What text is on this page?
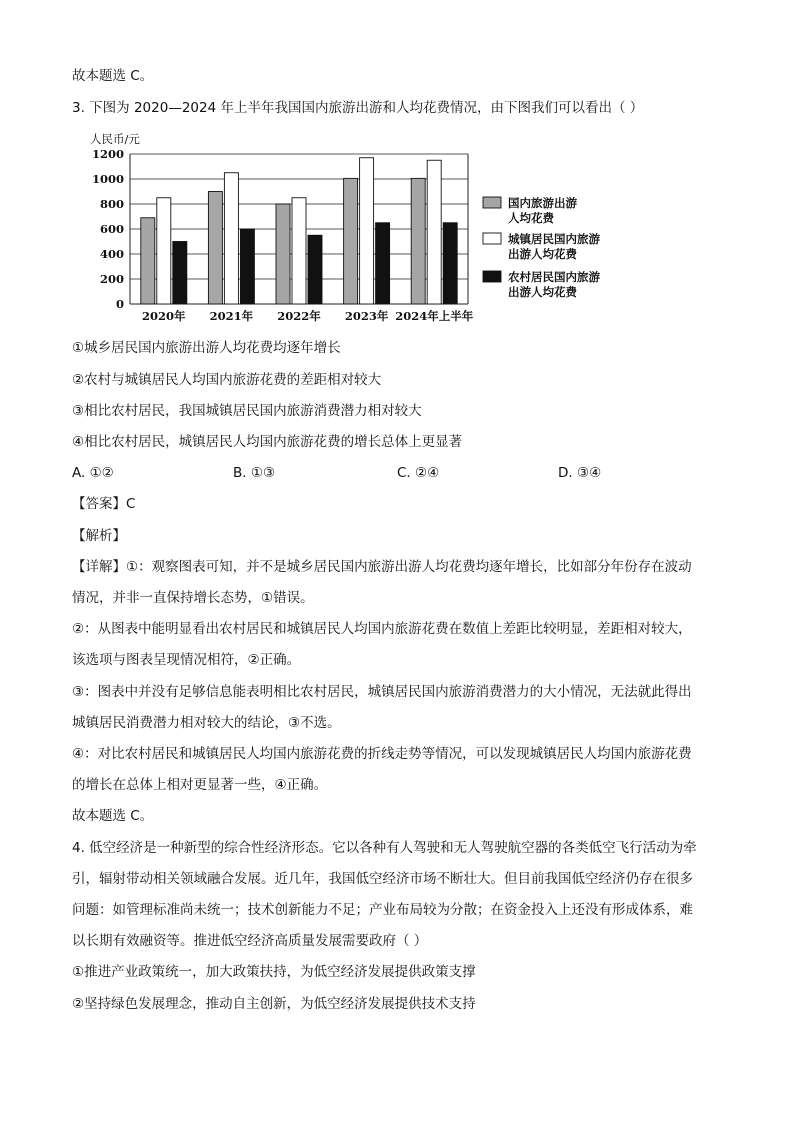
故本题选 C。
3. 下图为 2020—2024 年上半年我国国内旅游出游和人均花费情况，由下图我们可以看出（ ）
人民币/元
0
200
400
600
800
1000
1200
2020年 2021年 2022年 2023年 2024年上半年
国内旅游出游
人均花费
城镇居民国内旅游
出游人均花费
农村居民国内旅游
出游人均花费
①城乡居民国内旅游出游人均花费均逐年增长
②农村与城镇居民人均国内旅游花费的差距相对较大
③相比农村居民，我国城镇居民国内旅游消费潜力相对较大
④相比农村居民，城镇居民人均国内旅游花费的增长总体上更显著
A. ①②	B. ①③	C. ②④	D. ③④
【答案】C
【解析】
【详解】①：观察图表可知，并不是城乡居民国内旅游出游人均花费均逐年增长，比如部分年份存在波动
情况，并非一直保持增长态势，①错误。
②：从图表中能明显看出农村居民和城镇居民人均国内旅游花费在数值上差距比较明显，差距相对较大，
该选项与图表呈现情况相符，②正确。
③：图表中并没有足够信息能表明相比农村居民，城镇居民国内旅游消费潜力的大小情况，无法就此得出
城镇居民消费潜力相对较大的结论，③不选。
④：对比农村居民和城镇居民人均国内旅游花费的折线走势等情况，可以发现城镇居民人均国内旅游花费
的增长在总体上相对更显著一些，④正确。
故本题选 C。
4. 低空经济是一种新型的综合性经济形态。它以各种有人驾驶和无人驾驶航空器的各类低空飞行活动为牵
引，辐射带动相关领域融合发展。近几年，我国低空经济市场不断壮大。但目前我国低空经济仍存在很多
问题：如管理标准尚未统一；技术创新能力不足；产业布局较为分散；在资金投入上还没有形成体系，难
以长期有效融资等。推进低空经济高质量发展需要政府（ ）
①推进产业政策统一，加大政策扶持，为低空经济发展提供政策支撑
②坚持绿色发展理念，推动自主创新，为低空经济发展提供技术支持
